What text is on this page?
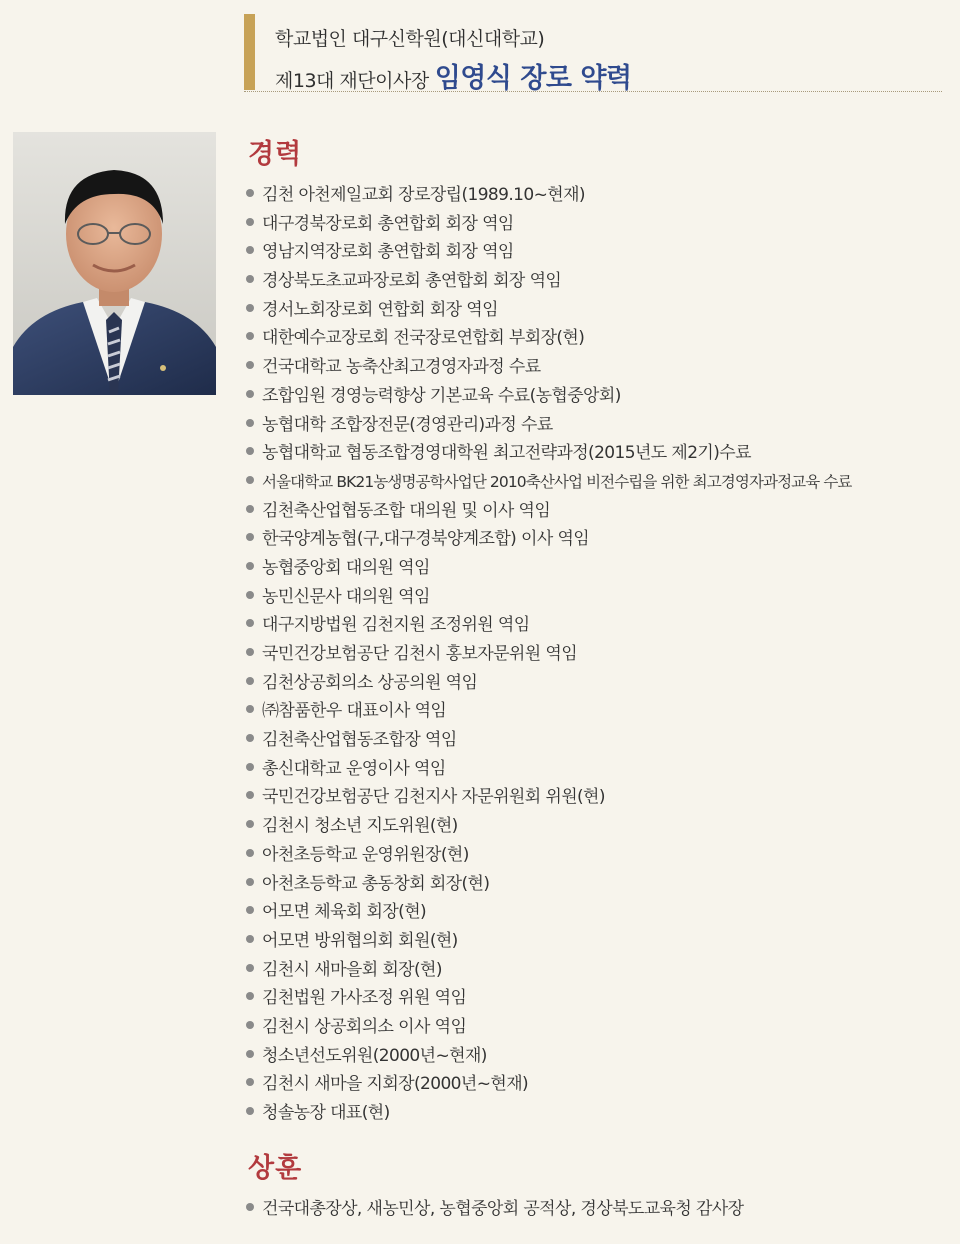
학교법인 대구신학원(대신대학교)
제13대 재단이사장 임영식 장로 약력
경력
김천 아천제일교회 장로장립(1989.10~현재)
대구경북장로회 총연합회 회장 역임
영남지역장로회 총연합회 회장 역임
경상북도초교파장로회 총연합회 회장 역임
경서노회장로회 연합회 회장 역임
대한예수교장로회 전국장로연합회 부회장(현)
건국대학교 농축산최고경영자과정 수료
조합임원 경영능력향상 기본교육 수료(농협중앙회)
농협대학 조합장전문(경영관리)과정 수료
농협대학교 협동조합경영대학원 최고전략과정(2015년도 제2기)수료
서울대학교 BK21농생명공학사업단 2010축산사업 비전수립을 위한 최고경영자과정교육 수료
김천축산업협동조합 대의원 및 이사 역임
한국양계농협(구,대구경북양계조합) 이사 역임
농협중앙회 대의원 역임
농민신문사 대의원 역임
대구지방법원 김천지원 조정위원 역임
국민건강보험공단 김천시 홍보자문위원 역임
김천상공회의소 상공의원 역임
㈜참품한우 대표이사 역임
김천축산업협동조합장 역임
총신대학교 운영이사 역임
국민건강보험공단 김천지사 자문위원회 위원(현)
김천시 청소년 지도위원(현)
아천초등학교 운영위원장(현)
아천초등학교 총동창회 회장(현)
어모면 체육회 회장(현)
어모면 방위협의회 회원(현)
김천시 새마을회 회장(현)
김천법원 가사조정 위원 역임
김천시 상공회의소 이사 역임
청소년선도위원(2000년~현재)
김천시 새마을 지회장(2000년~현재)
청솔농장 대표(현)
상훈
건국대총장상, 새농민상, 농협중앙회 공적상, 경상북도교육청 감사장
